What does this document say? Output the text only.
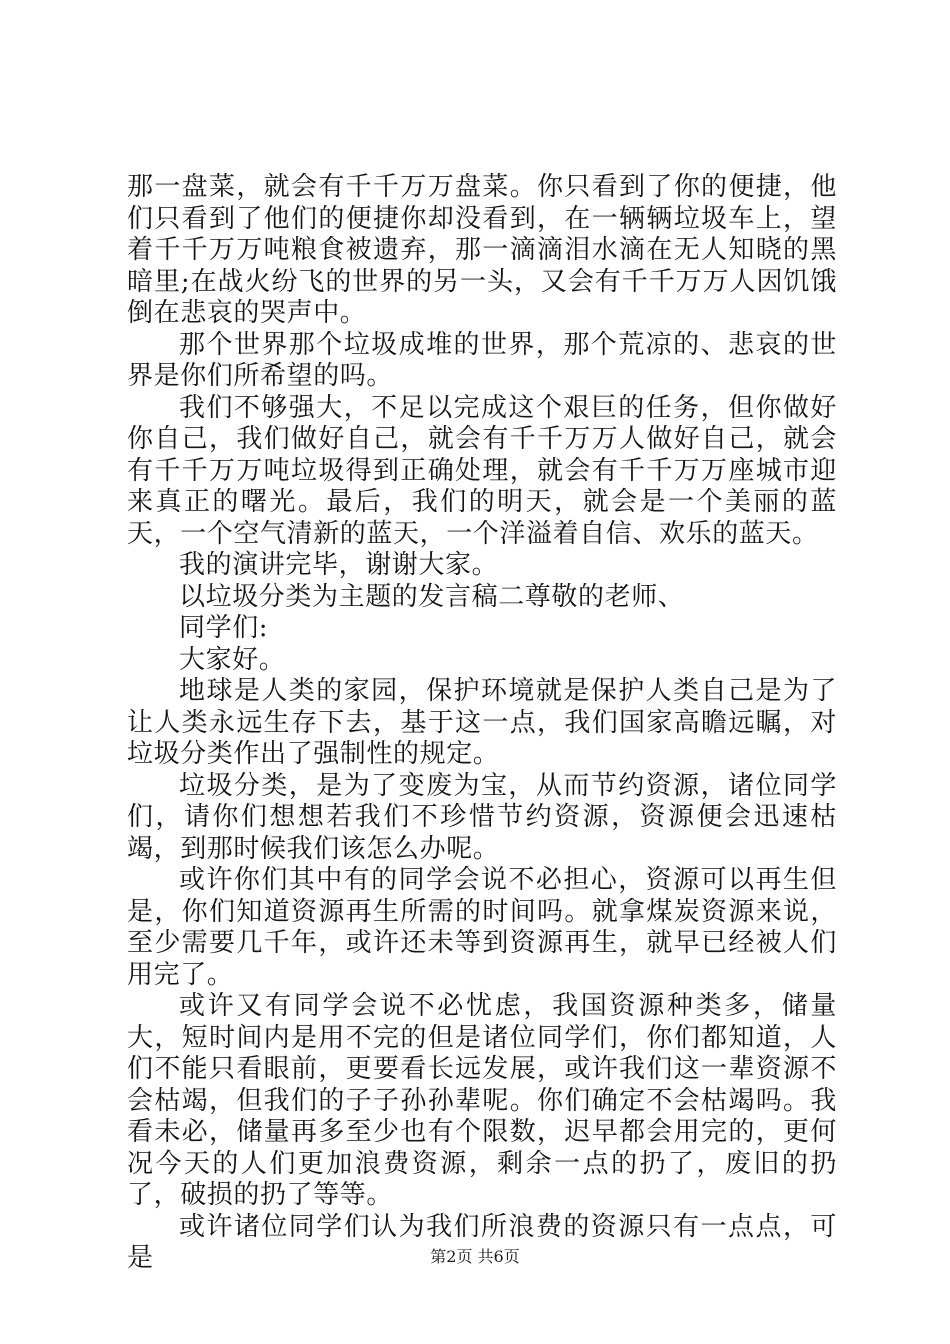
那一盘菜，就会有千千万万盘菜。你只看到了你的便捷，他们只看到了他们的便捷你却没看到，在一辆辆垃圾车上，望着千千万万吨粮食被遗弃，那一滴滴泪水滴在无人知晓的黑暗里;在战火纷飞的世界的另一头，又会有千千万万人因饥饿倒在悲哀的哭声中。

那个世界那个垃圾成堆的世界，那个荒凉的、悲哀的世界是你们所希望的吗。

我们不够强大，不足以完成这个艰巨的任务，但你做好你自己，我们做好自己，就会有千千万万人做好自己，就会有千千万万吨垃圾得到正确处理，就会有千千万万座城市迎来真正的曙光。最后，我们的明天，就会是一个美丽的蓝天，一个空气清新的蓝天，一个洋溢着自信、欢乐的蓝天。

我的演讲完毕，谢谢大家。

以垃圾分类为主题的发言稿二尊敬的老师、

同学们:

大家好。

地球是人类的家园，保护环境就是保护人类自己是为了让人类永远生存下去，基于这一点，我们国家高瞻远瞩，对垃圾分类作出了强制性的规定。

垃圾分类，是为了变废为宝，从而节约资源，诸位同学们，请你们想想若我们不珍惜节约资源，资源便会迅速枯竭，到那时候我们该怎么办呢。

或许你们其中有的同学会说不必担心，资源可以再生但是，你们知道资源再生所需的时间吗。就拿煤炭资源来说，至少需要几千年，或许还未等到资源再生，就早已经被人们用完了。

或许又有同学会说不必忧虑，我国资源种类多，储量大，短时间内是用不完的但是诸位同学们，你们都知道，人们不能只看眼前，更要看长远发展，或许我们这一辈资源不会枯竭，但我们的子子孙孙辈呢。你们确定不会枯竭吗。我看未必，储量再多至少也有个限数，迟早都会用完的，更何况今天的人们更加浪费资源，剩余一点的扔了，废旧的扔了，破损的扔了等等。

或许诸位同学们认为我们所浪费的资源只有一点点，可是	第2页 共6页
